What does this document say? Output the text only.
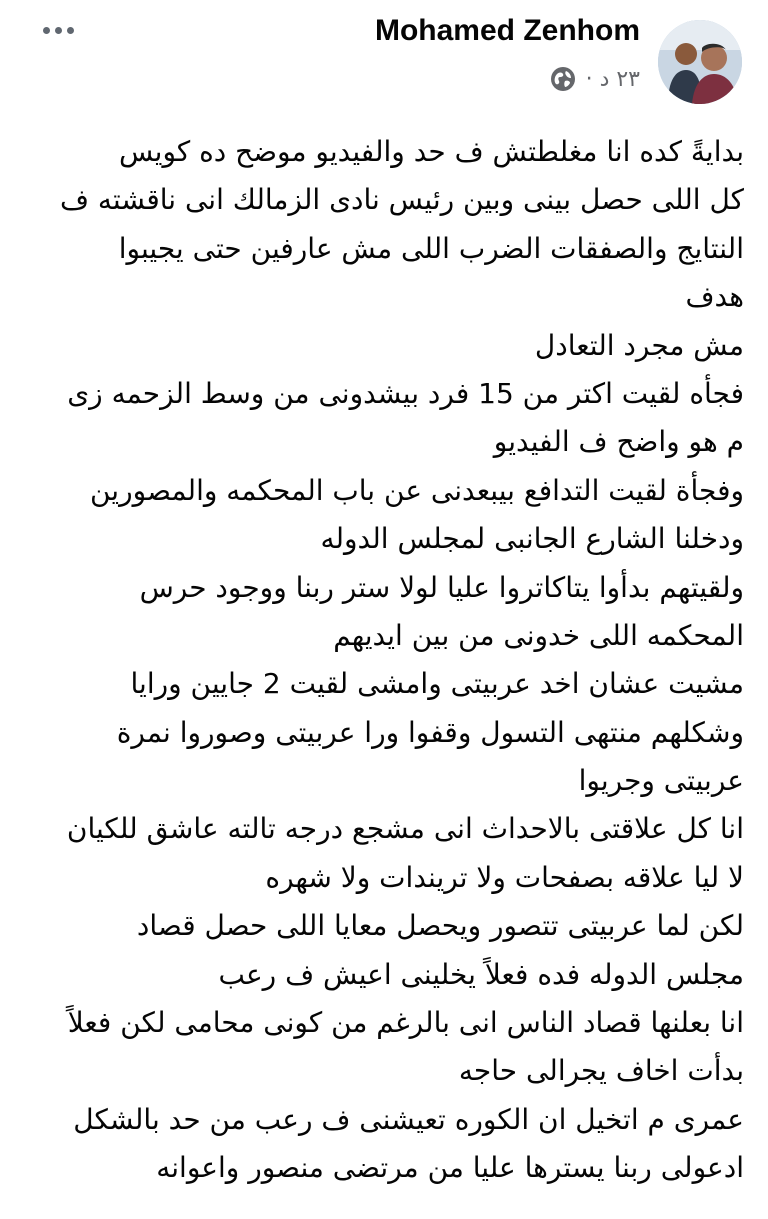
Mohamed Zenhom
٢٣ د ·
بدايةً كده انا مغلطتش ف حد والفيديو موضح ده كويس
كل اللى حصل بينى وبين رئيس نادى الزمالك انى ناقشته ف
النتايج والصفقات الضرب اللى مش عارفين حتى يجيبوا
هدف
مش مجرد التعادل
فجأه لقيت اكتر من 15 فرد بيشدونى من وسط الزحمه زى
م هو واضح ف الفيديو
وفجأة لقيت التدافع بيبعدنى عن باب المحكمه والمصورين
ودخلنا الشارع الجانبى لمجلس الدوله
ولقيتهم بدأوا يتاكاتروا عليا لولا ستر ربنا ووجود حرس
المحكمه اللى خدونى من بين ايديهم
مشيت عشان اخد عربيتى وامشى لقيت 2 جايين ورايا
وشكلهم منتهى التسول وقفوا ورا عربيتى وصوروا نمرة
عربيتى وجريوا
انا كل علاقتى بالاحداث انى مشجع درجه تالته عاشق للكيان
لا ليا علاقه بصفحات ولا تريندات ولا شهره
لكن لما عربيتى تتصور ويحصل معايا اللى حصل قصاد
مجلس الدوله فده فعلاً يخلينى اعيش ف رعب
انا بعلنها قصاد الناس انى بالرغم من كونى محامى لكن فعلاً
بدأت اخاف يجرالى حاجه
عمرى م اتخيل ان الكوره تعيشنى ف رعب من حد بالشكل
ادعولى ربنا يسترها عليا من مرتضى منصور واعوانه
